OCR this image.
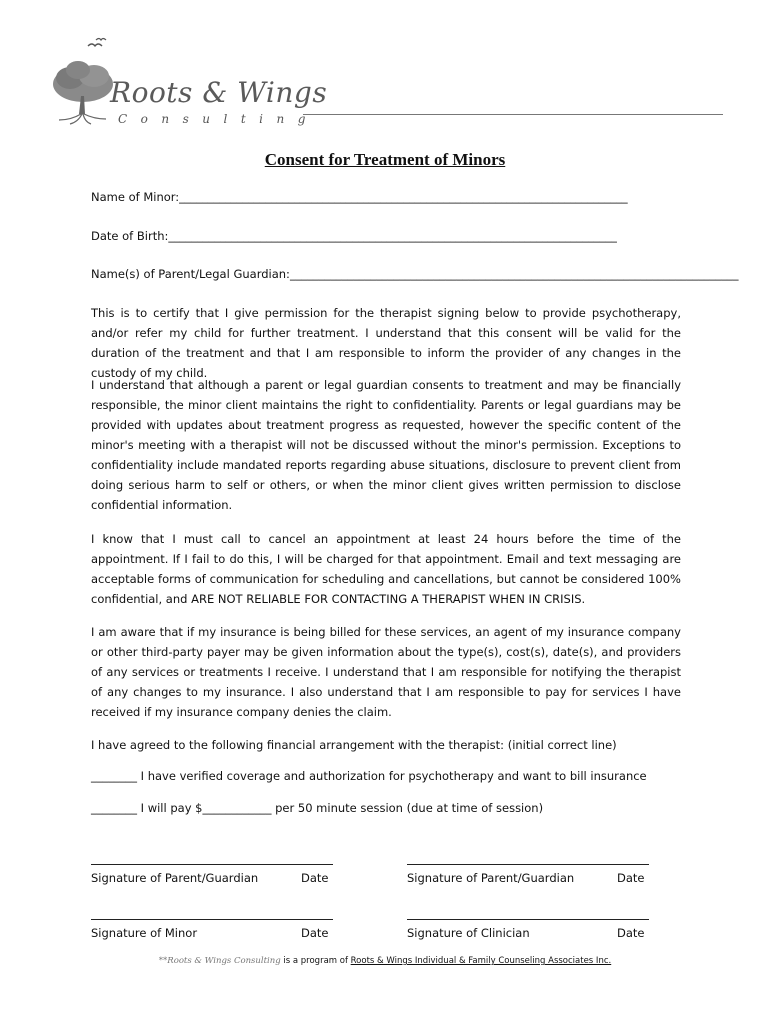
Roots & Wings
Consulting
Consent for Treatment of Minors
Name of Minor:______________________________________________________________________________
Date of Birth:______________________________________________________________________________
Name(s) of Parent/Legal Guardian:______________________________________________________________________________

This is to certify that I give permission for the therapist signing below to provide psychotherapy, and/or refer my child for further treatment. I understand that this consent will be valid for the duration of the treatment and that I am responsible to inform the provider of any changes in the custody of my child.

I understand that although a parent or legal guardian consents to treatment and may be financially responsible, the minor client maintains the right to confidentiality. Parents or legal guardians may be provided with updates about treatment progress as requested, however the specific content of the minor's meeting with a therapist will not be discussed without the minor's permission. Exceptions to confidentiality include mandated reports regarding abuse situations, disclosure to prevent client from doing serious harm to self or others, or when the minor client gives written permission to disclose confidential information.

I know that I must call to cancel an appointment at least 24 hours before the time of the appointment. If I fail to do this, I will be charged for that appointment. Email and text messaging are acceptable forms of communication for scheduling and cancellations, but cannot be considered 100% confidential, and ARE NOT RELIABLE FOR CONTACTING A THERAPIST WHEN IN CRISIS.

I am aware that if my insurance is being billed for these services, an agent of my insurance company or other third-party payer may be given information about the type(s), cost(s), date(s), and providers of any services or treatments I receive. I understand that I am responsible for notifying the therapist of any changes to my insurance. I also understand that I am responsible to pay for services I have received if my insurance company denies the claim.

I have agreed to the following financial arrangement with the therapist: (initial correct line)

________ I have verified coverage and authorization for psychotherapy and want to bill insurance
________ I will pay $____________ per 50 minute session (due at time of session)
Signature of Parent/Guardian	Date	Signature of Parent/Guardian	Date
Signature of Minor	Date	Signature of Clinician	Date
**Roots & Wings Consulting is a program of Roots & Wings Individual & Family Counseling Associates Inc.
